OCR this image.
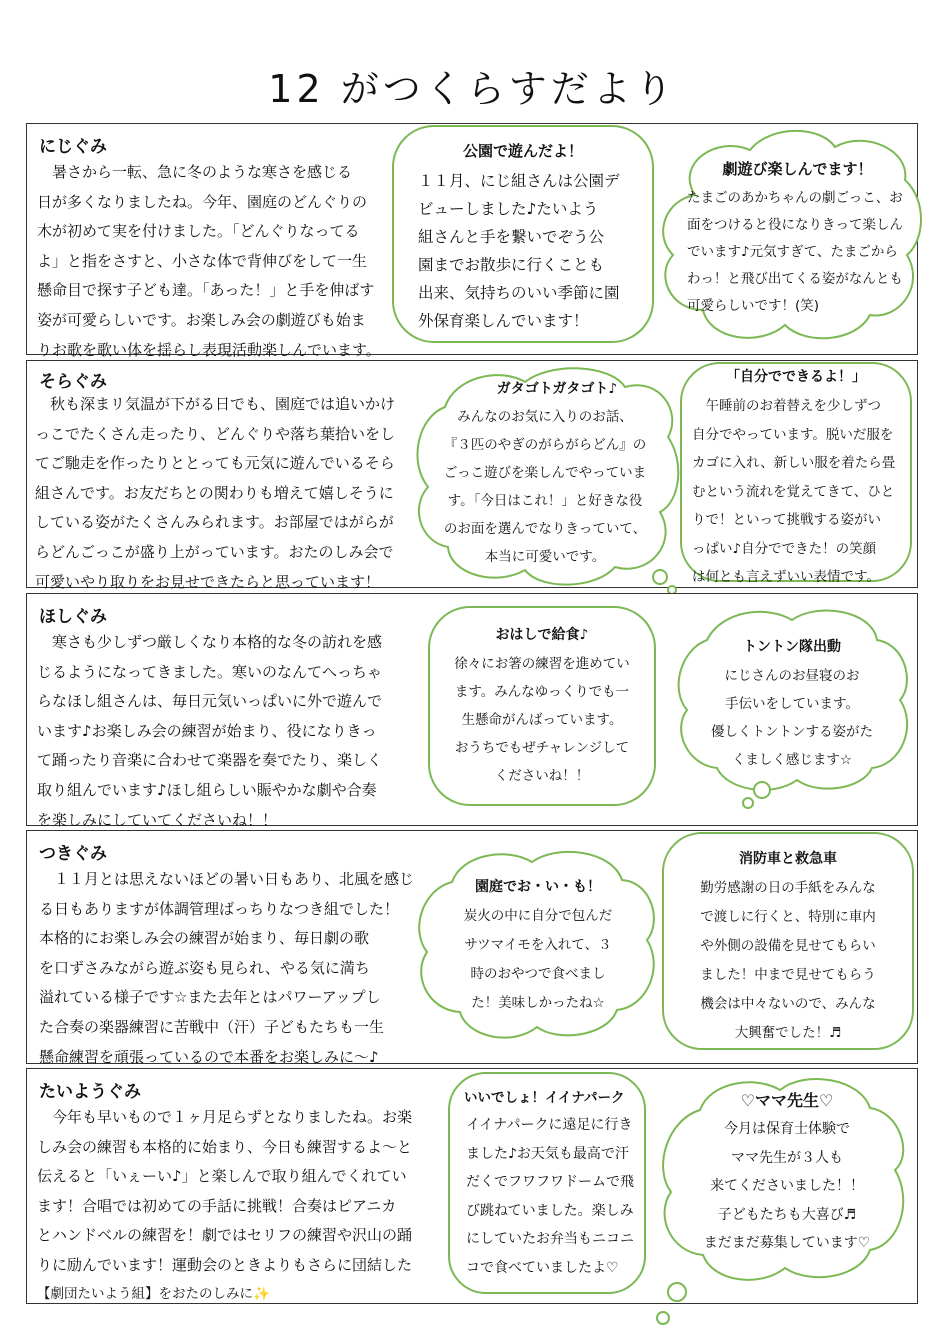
12 がつくらすだより
にじぐみ

　暑さから一転、急に冬のような寒さを感じる
日が多くなりましたね。今年、園庭のどんぐりの
木が初めて実を付けました。「どんぐりなってる
よ」と指をさすと、小さな体で背伸びをして一生
懸命目で探す子ども達。「あった！」と手を伸ばす
姿が可愛らしいです。お楽しみ会の劇遊びも始ま
りお歌を歌い体を揺らし表現活動楽しんでいます。

公園で遊んだよ！

１１月、にじ組さんは公園デ
ビューしました♪たいよう
組さんと手を繋いでぞう公
園までお散歩に行くことも
出来、気持ちのいい季節に園
外保育楽しんでいます！

劇遊び楽しんでます！

たまごのあかちゃんの劇ごっこ、お
面をつけると役になりきって楽しん
でいます♪元気すぎて、たまごから
わっ！と飛び出てくる姿がなんとも
可愛らしいです！(笑)

そらぐみ

　秋も深まリ気温が下がる日でも、園庭では追いかけ
っこでたくさん走ったり、どんぐりや落ち葉拾いをし
てご馳走を作ったりととっても元気に遊んでいるそら
組さんです。お友だちとの関わりも増えて嬉しそうに
している姿がたくさんみられます。お部屋ではがらが
らどんごっこが盛り上がっています。おたのしみ会で
可愛いやり取りをお見せできたらと思っています！

ガタゴトガタゴト♪

みんなのお気に入りのお話、
『３匹のやぎのがらがらどん』の
ごっこ遊びを楽しんでやっていま
す。「今日はこれ！」と好きな役
のお面を選んでなりきっていて、
本当に可愛いです。

「自分でできるよ！」

　午睡前のお着替えを少しずつ
自分でやっています。脱いだ服を
カゴに入れ、新しい服を着たら畳
むという流れを覚えてきて、ひと
りで！といって挑戦する姿がい
っぱい♪自分でできた！の笑顔
は何とも言えずいい表情です。

ほしぐみ

　寒さも少しずつ厳しくなり本格的な冬の訪れを感
じるようになってきました。寒いのなんてへっちゃ
らなほし組さんは、毎日元気いっぱいに外で遊んで
います♪お楽しみ会の練習が始まり、役になりきっ
て踊ったり音楽に合わせて楽器を奏でたり、楽しく
取り組んでいます♪ほし組らしい賑やかな劇や合奏
を楽しみにしていてくださいね！！

おはしで給食♪

徐々にお箸の練習を進めてい
ます。みんなゆっくりでも一
生懸命がんばっています。
おうちでもぜチャレンジして
くださいね！！

トントン隊出動

にじさんのお昼寝のお
手伝いをしています。
優しくトントンする姿がた
くましく感じます☆

つきぐみ

　１１月とは思えないほどの暑い日もあり、北風を感じ
る日もありますが体調管理ばっちりなつき組でした！
本格的にお楽しみ会の練習が始まり、毎日劇の歌
を口ずさみながら遊ぶ姿も見られ、やる気に満ち
溢れている様子です☆また去年とはパワーアップし
た合奏の楽器練習に苦戦中（汗）子どもたちも一生
懸命練習を頑張っているので本番をお楽しみに～♪

園庭でお・い・も！

炭火の中に自分で包んだ
サツマイモを入れて、３
時のおやつで食べまし
た！美味しかったね☆

消防車と救急車

勤労感謝の日の手紙をみんな
で渡しに行くと、特別に車内
や外側の設備を見せてもらい
ました！中まで見せてもらう
機会は中々ないので、みんな
大興奮でした！♬

たいようぐみ

　今年も早いもので１ヶ月足らずとなりましたね。お楽
しみ会の練習も本格的に始まり、今日も練習するよ～と
伝えると「いぇーい♪」と楽しんで取り組んでくれてい
ます！合唱では初めての手話に挑戦！合奏はピアニカ
とハンドベルの練習を！劇ではセリフの練習や沢山の踊
りに励んでいます！運動会のときよりもさらに団結した

【劇団たいよう組】をおたのしみに✨

いいでしょ！イイナパーク

イイナパークに遠足に行き
ました♪お天気も最高で汗
だくでフワフワドームで飛
び跳ねていました。楽しみ
にしていたお弁当もニコニ
コで食べていましたよ♡

♡ママ先生♡

今月は保育士体験で
ママ先生が３人も
来てくださいました！！
子どもたちも大喜び♬
まだまだ募集しています♡
